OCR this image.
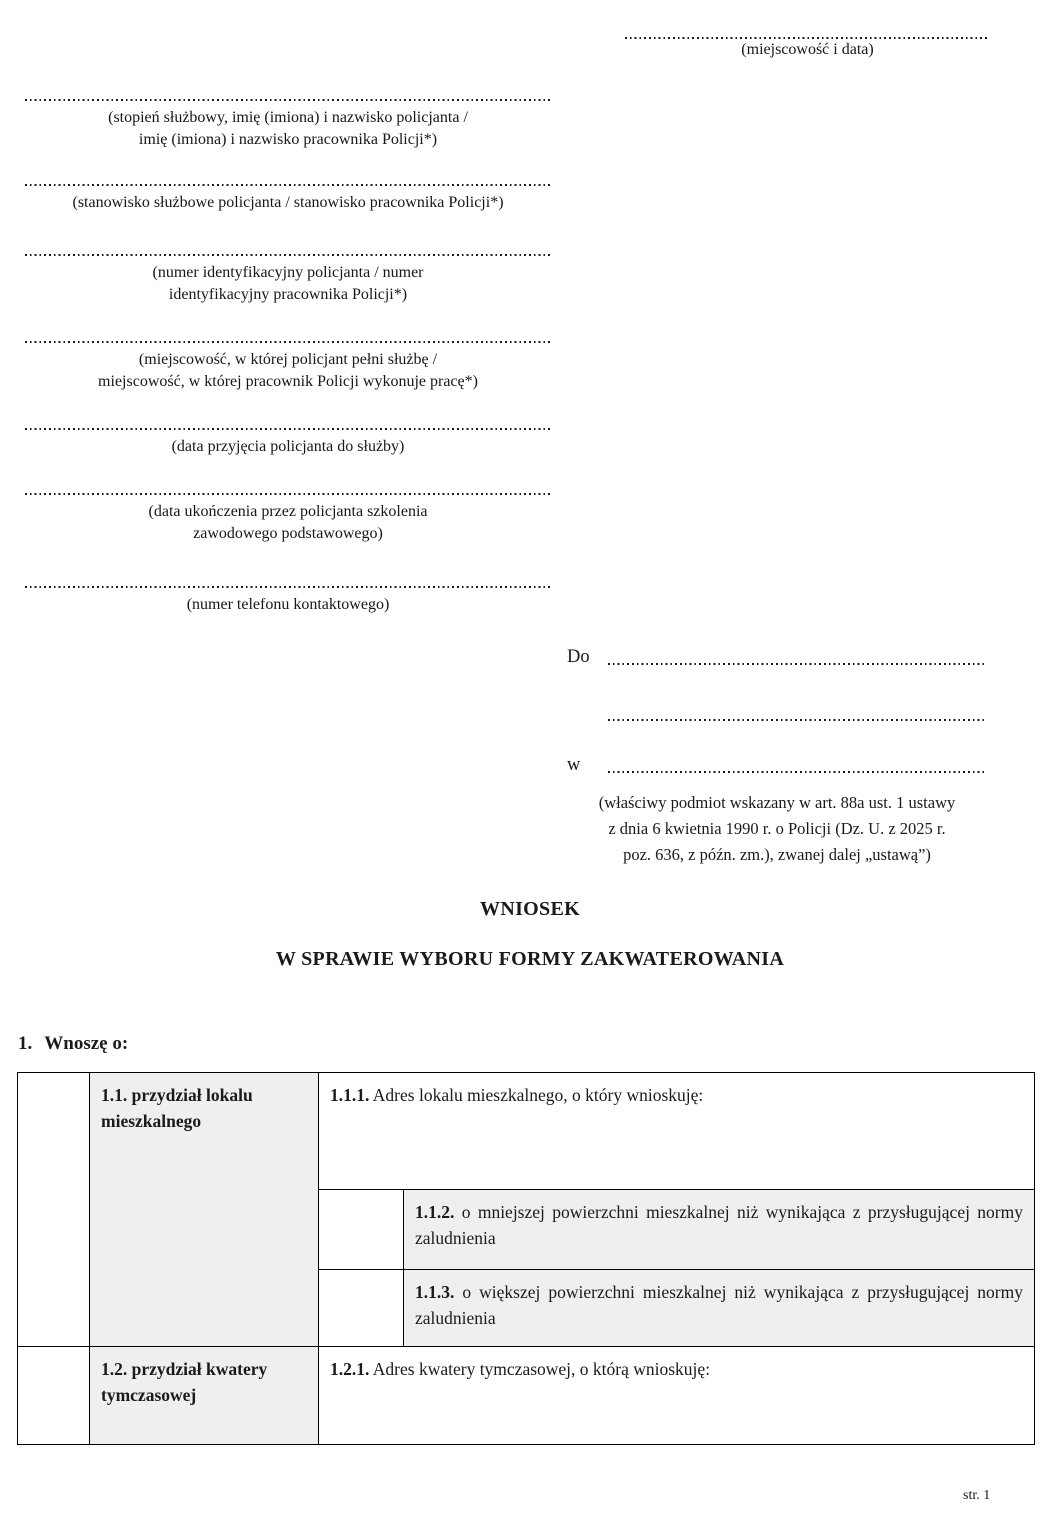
(miejscowość i data)
(stopień służbowy, imię (imiona) i nazwisko policjanta /
imię (imiona) i nazwisko pracownika Policji*)
(stanowisko służbowe policjanta / stanowisko pracownika Policji*)
(numer identyfikacyjny policjanta / numer
identyfikacyjny pracownika Policji*)
(miejscowość, w której policjant pełni służbę /
miejscowość, w której pracownik Policji wykonuje pracę*)
(data przyjęcia policjanta do służby)
(data ukończenia przez policjanta szkolenia
zawodowego podstawowego)
(numer telefonu kontaktowego)
Do
w
(właściwy podmiot wskazany w art. 88a ust. 1 ustawy
z dnia 6 kwietnia 1990 r. o Policji (Dz. U. z 2025 r.
poz. 636, z późn. zm.), zwanej dalej „ustawą”)
WNIOSEK
W SPRAWIE WYBORU FORMY ZAKWATEROWANIA
1. Wnoszę o:
	1.1. przydział lokalu mieszkalnego	1.1.1. Adres lokalu mieszkalnego, o który wnioskuję:	
			1.1.2. o mniejszej powierzchni mieszkalnej niż wynikająca z przysługującej normy zaludnienia
			1.1.3. o większej powierzchni mieszkalnej niż wynikająca z przysługującej normy zaludnienia
	1.2. przydział kwatery tymczasowej	1.2.1. Adres kwatery tymczasowej, o którą wnioskuję:	
str. 1
